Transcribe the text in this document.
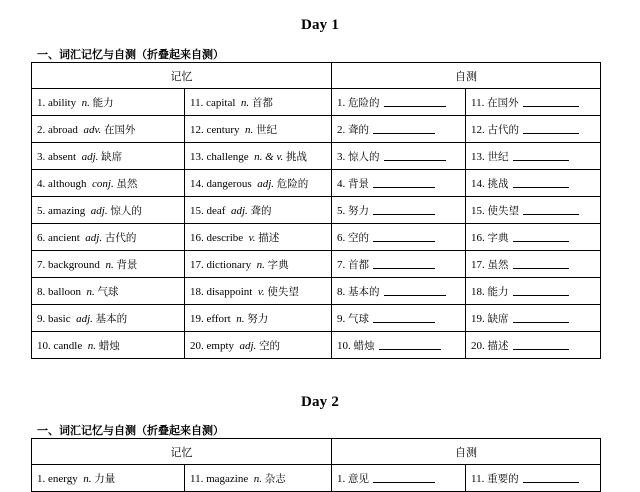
Day 1
一、词汇记忆与自测（折叠起来自测）
记忆		自测	
1. ability n. 能力	11. capital n. 首都	1. 危险的	11. 在国外
2. abroad adv. 在国外	12. century n. 世纪	2. 聋的	12. 古代的
3. absent adj. 缺席	13. challenge n. & v. 挑战	3. 惊人的	13. 世纪
4. although conj. 虽然	14. dangerous adj. 危险的	4. 背景	14. 挑战
5. amazing adj. 惊人的	15. deaf adj. 聋的	5. 努力	15. 使失望
6. ancient adj. 古代的	16. describe v. 描述	6. 空的	16. 字典
7. background n. 背景	17. dictionary n. 字典	7. 首都	17. 虽然
8. balloon n. 气球	18. disappoint v. 使失望	8. 基本的	18. 能力
9. basic adj. 基本的	19. effort n. 努力	9. 气球	19. 缺席
10. candle n. 蜡烛	20. empty adj. 空的	10. 蜡烛	20. 描述
Day 2
一、词汇记忆与自测（折叠起来自测）
记忆		自测	
1. energy n. 力量	11. magazine n. 杂志	1. 意见	11. 重要的
